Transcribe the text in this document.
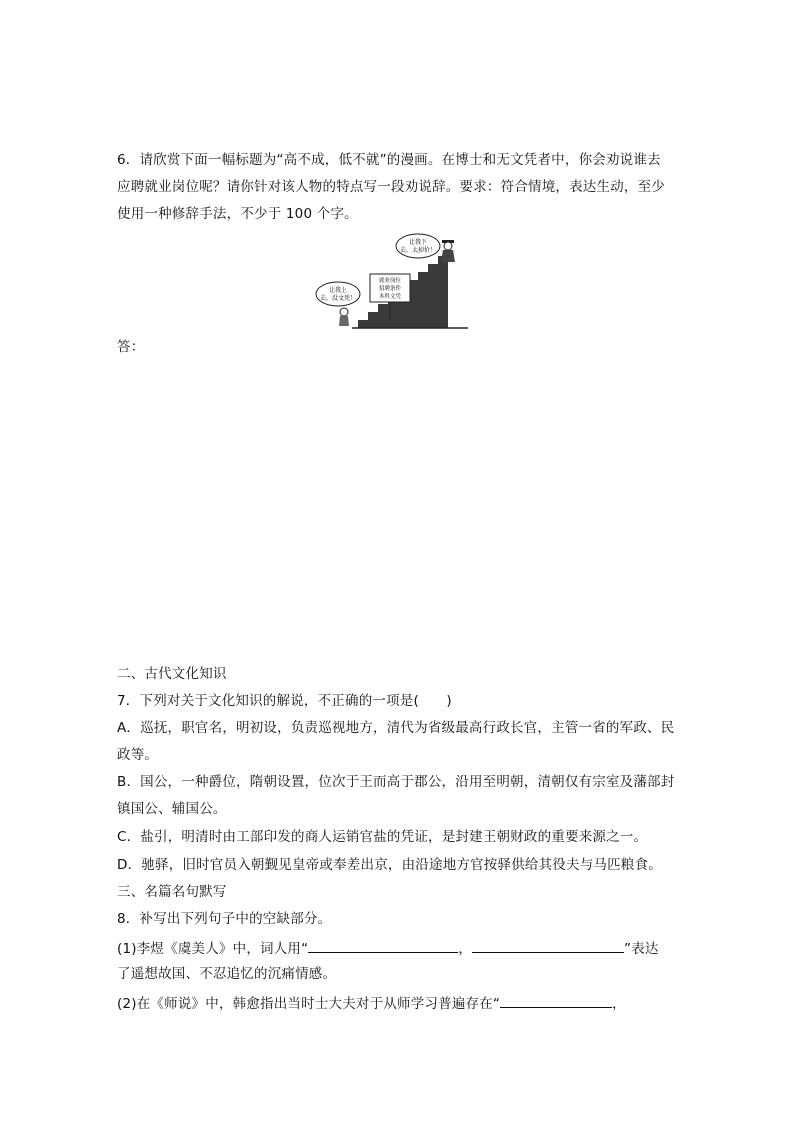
6．请欣赏下面一幅标题为“高不成，低不就”的漫画。在博士和无文凭者中，你会劝说谁去
应聘就业岗位呢？请你针对该人物的特点写一段劝说辞。要求：符合情境，表达生动，至少
使用一种修辞手法，不少于 100 个字。
就业岗位
招聘条件
本科文凭
让我下
去，太掉价！
让我上
去，没文凭！
答：
二、古代文化知识
7．下列对关于文化知识的解说，不正确的一项是(　　)
A．巡抚，职官名，明初设，负责巡视地方，清代为省级最高行政长官，主管一省的军政、民
政等。
B．国公，一种爵位，隋朝设置，位次于王而高于郡公，沿用至明朝，清朝仅有宗室及藩部封
镇国公、辅国公。
C．盐引，明清时由工部印发的商人运销官盐的凭证，是封建王朝财政的重要来源之一。
D．驰驿，旧时官员入朝觐见皇帝或奉差出京，由沿途地方官按驿供给其役夫与马匹粮食。
三、名篇名句默写
8．补写出下列句子中的空缺部分。
(1)李煜《虞美人》中，词人用“	，	”表达
了遥想故国、不忍追忆的沉痛情感。
(2)在《师说》中，韩愈指出当时士大夫对于从师学习普遍存在“	，
